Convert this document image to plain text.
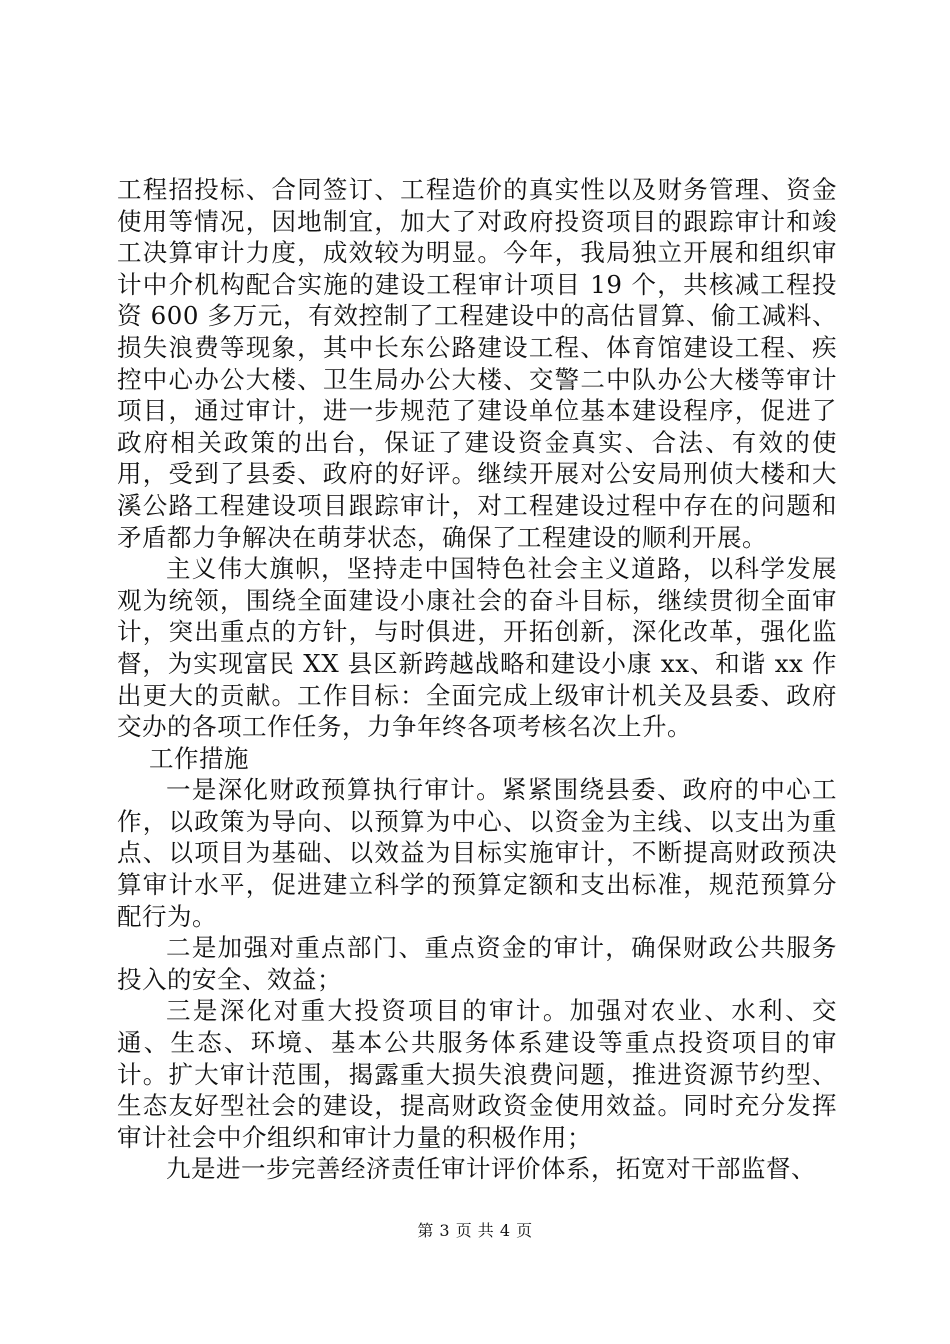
工程招投标、合同签订、工程造价的真实性以及财务管理、资金使用等情况，因地制宜，加大了对政府投资项目的跟踪审计和竣工决算审计力度，成效较为明显。今年，我局独立开展和组织审计中介机构配合实施的建设工程审计项目 19 个，共核减工程投资 600 多万元，有效控制了工程建设中的高估冒算、偷工减料、损失浪费等现象，其中长东公路建设工程、体育馆建设工程、疾控中心办公大楼、卫生局办公大楼、交警二中队办公大楼等审计项目，通过审计，进一步规范了建设单位基本建设程序，促进了政府相关政策的出台，保证了建设资金真实、合法、有效的使用，受到了县委、政府的好评。继续开展对公安局刑侦大楼和大溪公路工程建设项目跟踪审计，对工程建设过程中存在的问题和矛盾都力争解决在萌芽状态，确保了工程建设的顺利开展。

主义伟大旗帜，坚持走中国特色社会主义道路，以科学发展观为统领，围绕全面建设小康社会的奋斗目标，继续贯彻全面审计，突出重点的方针，与时俱进，开拓创新，深化改革，强化监督，为实现富民 XX 县区新跨越战略和建设小康 xx、和谐 xx 作出更大的贡献。工作目标：全面完成上级审计机关及县委、政府交办的各项工作任务，力争年终各项考核名次上升。

工作措施

一是深化财政预算执行审计。紧紧围绕县委、政府的中心工作，以政策为导向、以预算为中心、以资金为主线、以支出为重点、以项目为基础、以效益为目标实施审计，不断提高财政预决算审计水平，促进建立科学的预算定额和支出标准，规范预算分配行为。

二是加强对重点部门、重点资金的审计，确保财政公共服务投入的安全、效益；

三是深化对重大投资项目的审计。加强对农业、水利、交通、生态、环境、基本公共服务体系建设等重点投资项目的审计。扩大审计范围，揭露重大损失浪费问题，推进资源节约型、生态友好型社会的建设，提高财政资金使用效益。同时充分发挥审计社会中介组织和审计力量的积极作用；

九是进一步完善经济责任审计评价体系，拓宽对干部监督、

第 3 页 共 4 页
